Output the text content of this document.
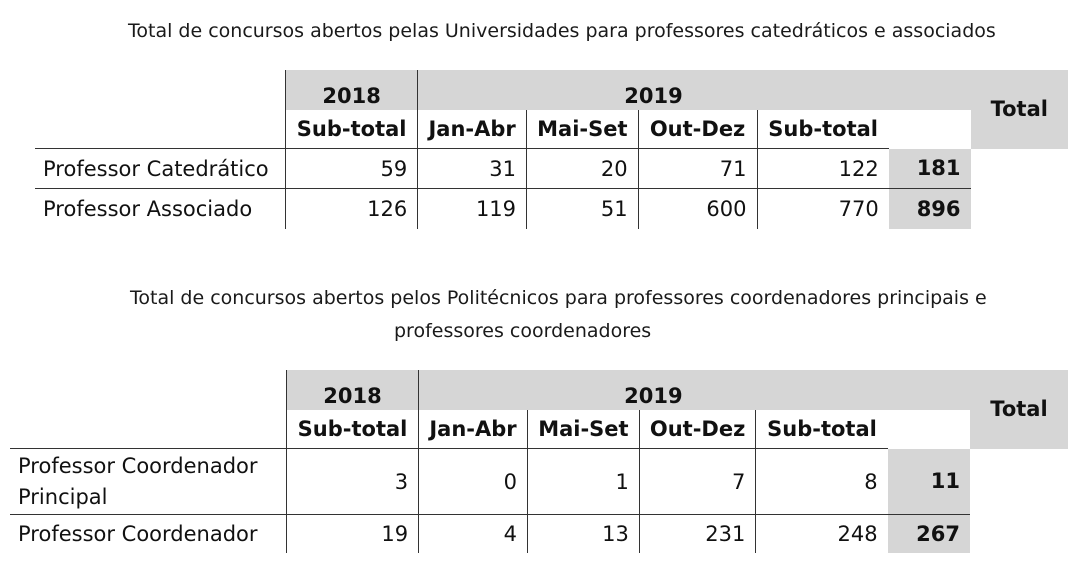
Total de concursos abertos pelas Universidades para professores catedráticos e associados
	2018	2019					Total
	Sub-total	Jan-Abr	Mai-Set	Out-Dez	Sub-total		
Professor Catedrático	59	31	20	71	122	181	
Professor Associado	126	119	51	600	770	896	
Total de concursos abertos pelos Politécnicos para professores coordenadores principais e
professores coordenadores
	2018	2019					Total
	Sub-total	Jan-Abr	Mai-Set	Out-Dez	Sub-total		
Professor Coordenador
Principal	3	0	1	7	8	11	
Professor Coordenador	19	4	13	231	248	267	
